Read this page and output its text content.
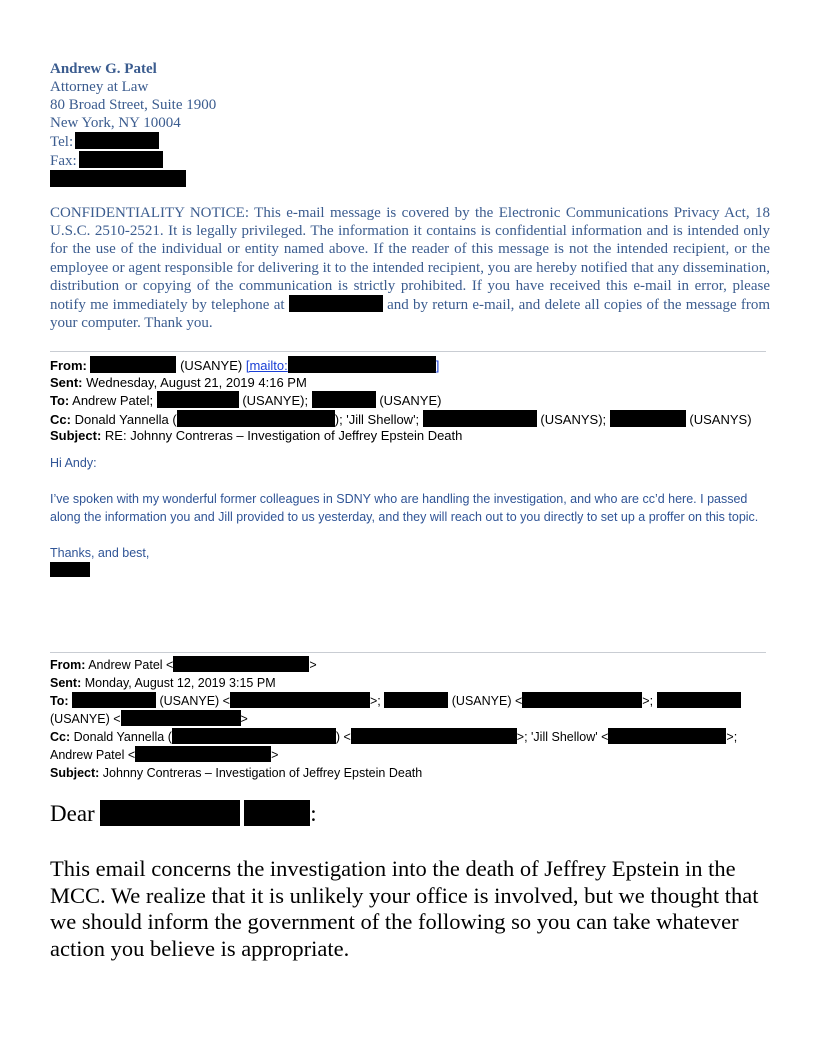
Andrew G. Patel
Attorney at Law
80 Broad Street, Suite 1900
New York, NY 10004
Tel:
Fax:
CONFIDENTIALITY NOTICE: This e-mail message is covered by the Electronic Communications Privacy Act, 18 U.S.C. 2510-2521. It is legally privileged. The information it contains is confidential information and is intended only for the use of the individual or entity named above. If the reader of this message is not the intended recipient, or the employee or agent responsible for delivering it to the intended recipient, you are hereby notified that any dissemination, distribution or copying of the communication is strictly prohibited. If you have received this e-mail in error, please notify me immediately by telephone at	and by return e-mail, and delete all copies of the message from your computer. Thank you.
From:	(USANYE) [mailto:	]
Sent: Wednesday, August 21, 2019 4:16 PM
To: Andrew Patel;	(USANYE);	(USANYE)
Cc: Donald Yannella (	); 'Jill Shellow';	(USANYS);	(USANYS)
Subject: RE: Johnny Contreras – Investigation of Jeffrey Epstein Death

Hi Andy:

I’ve spoken with my wonderful former colleagues in SDNY who are handling the investigation, and who are cc’d here. I passed along the information you and Jill provided to us yesterday, and they will reach out to you directly to set up a proffer on this topic.

Thanks, and best,

From: Andrew Patel <	>
Sent: Monday, August 12, 2019 3:15 PM
To:	(USANYE) <	>;	(USANYE) <	>;
(USANYE) <	>
Cc: Donald Yannella (	) <	>; 'Jill Shellow' <	>;
Andrew Patel <	>
Subject: Johnny Contreras – Investigation of Jeffrey Epstein Death
Dear	:
This email concerns the investigation into the death of Jeffrey Epstein in the MCC. We realize that it is unlikely your office is involved, but we thought that we should inform the government of the following so you can take whatever action you believe is appropriate.
